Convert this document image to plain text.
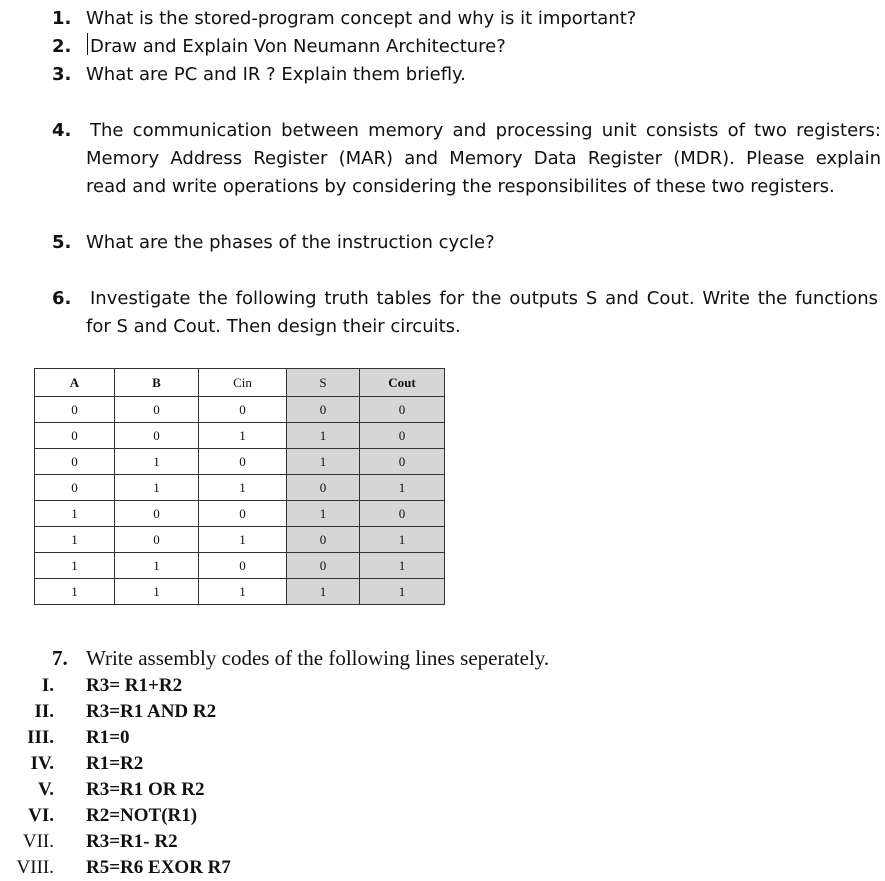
1. What is the stored-program concept and why is it important?
2. Draw and Explain Von Neumann Architecture?
3. What are PC and IR ? Explain them briefly.
4. The communication between memory and processing unit consists of two registers:
Memory Address Register (MAR) and Memory Data Register (MDR). Please explain
read and write operations by considering the responsibilites of these two registers.
5. What are the phases of the instruction cycle?
6. Investigate the following truth tables for the outputs S and Cout. Write the functions
for S and Cout. Then design their circuits.
A	B	Cin	S	Cout
0	0	0	0	0
0	0	1	1	0
0	1	0	1	0
0	1	1	0	1
1	0	0	1	0
1	0	1	0	1
1	1	0	0	1
1	1	1	1	1
7. Write assembly codes of the following lines seperately.
I. R3= R1+R2
II. R3=R1 AND R2
III. R1=0
IV. R1=R2
V. R3=R1 OR R2
VI. R2=NOT(R1)
VII. R3=R1- R2
VIII. R5=R6 EXOR R7
